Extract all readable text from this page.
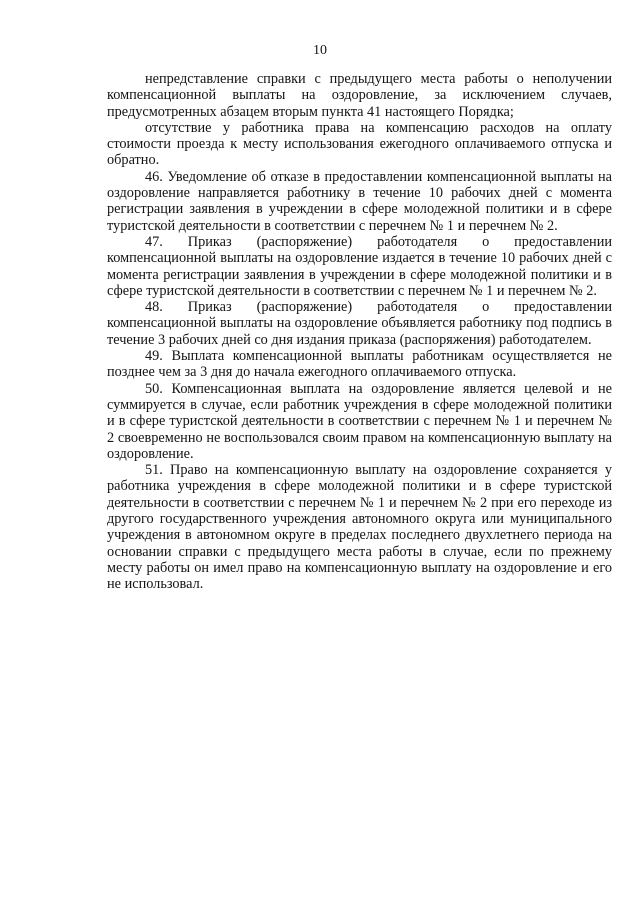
10

непредставление справки с предыдущего места работы о неполучении компенсационной выплаты на оздоровление, за исключением случаев, предусмотренных абзацем вторым пункта 41 настоящего Порядка;

отсутствие у работника права на компенсацию расходов на оплату стоимости проезда к месту использования ежегодного оплачиваемого отпуска и обратно.

46. Уведомление об отказе в предоставлении компенсационной выплаты на оздоровление направляется работнику в течение 10 рабочих дней с момента регистрации заявления в учреждении в сфере молодежной политики и в сфере туристской деятельности в соответствии с перечнем № 1 и перечнем № 2.

47. Приказ (распоряжение) работодателя о предоставлении компенсационной выплаты на оздоровление издается в течение 10 рабочих дней с момента регистрации заявления в учреждении в сфере молодежной политики и в сфере туристской деятельности в соответствии с перечнем № 1 и перечнем № 2.

48. Приказ (распоряжение) работодателя о предоставлении компенсационной выплаты на оздоровление объявляется работнику под подпись в течение 3 рабочих дней со дня издания приказа (распоряжения) работодателем.

49. Выплата компенсационной выплаты работникам осуществляется не позднее чем за 3 дня до начала ежегодного оплачиваемого отпуска.

50. Компенсационная выплата на оздоровление является целевой и не суммируется в случае, если работник учреждения в сфере молодежной политики и в сфере туристской деятельности в соответствии с перечнем № 1 и перечнем № 2 своевременно не воспользовался своим правом на компенсационную выплату на оздоровление.

51. Право на компенсационную выплату на оздоровление сохраняется у работника учреждения в сфере молодежной политики и в сфере туристской деятельности в соответствии с перечнем № 1 и перечнем № 2 при его переходе из другого государственного учреждения автономного округа или муниципального учреждения в автономном округе в пределах последнего двухлетнего периода на основании справки с предыдущего места работы в случае, если по прежнему месту работы он имел право на компенсационную выплату на оздоровление и его не использовал.
